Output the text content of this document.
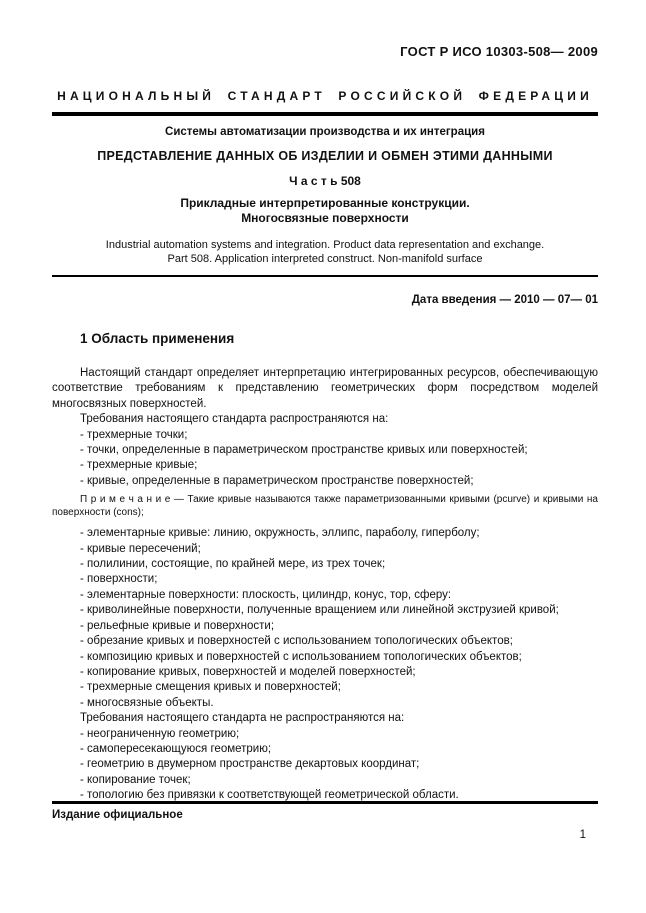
ГОСТ Р ИСО 10303-508— 2009
НАЦИОНАЛЬНЫЙ СТАНДАРТ РОССИЙСКОЙ ФЕДЕРАЦИИ
Системы автоматизации производства и их интеграция
ПРЕДСТАВЛЕНИЕ ДАННЫХ ОБ ИЗДЕЛИИ И ОБМЕН ЭТИМИ ДАННЫМИ
Ч а с т ь 508
Прикладные интерпретированные конструкции.
Многосвязные поверхности
Industrial automation systems and integration. Product data representation and exchange.
Part 508. Application interpreted construct. Non-manifold surface
Дата введения — 2010 — 07— 01
1 Область применения
Настоящий стандарт определяет интерпретацию интегрированных ресурсов, обеспечивающую соответствие требованиям к представлению геометрических форм посредством моделей многосвязных поверхностей.
Требования настоящего стандарта распространяются на:
- трехмерные точки;
- точки, определенные в параметрическом пространстве кривых или поверхностей;
- трехмерные кривые;
- кривые, определенные в параметрическом пространстве поверхностей;
П р и м е ч а н и е — Такие кривые называются также параметризованными кривыми (pcurve) и кривыми на поверхности (cons);
- элементарные кривые: линию, окружность, эллипс, параболу, гиперболу;
- кривые пересечений;
- полилинии, состоящие, по крайней мере, из трех точек;
- поверхности;
- элементарные поверхности: плоскость, цилиндр, конус, тор, сферу:
- криволинейные поверхности, полученные вращением или линейной экструзией кривой;
- рельефные кривые и поверхности;
- обрезание кривых и поверхностей с использованием топологических объектов;
- композицию кривых и поверхностей с использованием топологических объектов;
- копирование кривых, поверхностей и моделей поверхностей;
- трехмерные смещения кривых и поверхностей;
- многосвязные объекты.
Требования настоящего стандарта не распространяются на:
- неограниченную геометрию;
- самопересекающуюся геометрию;
- геометрию в двумерном пространстве декартовых координат;
- копирование точек;
- топологию без привязки к соответствующей геометрической области.
Издание официальное
1
